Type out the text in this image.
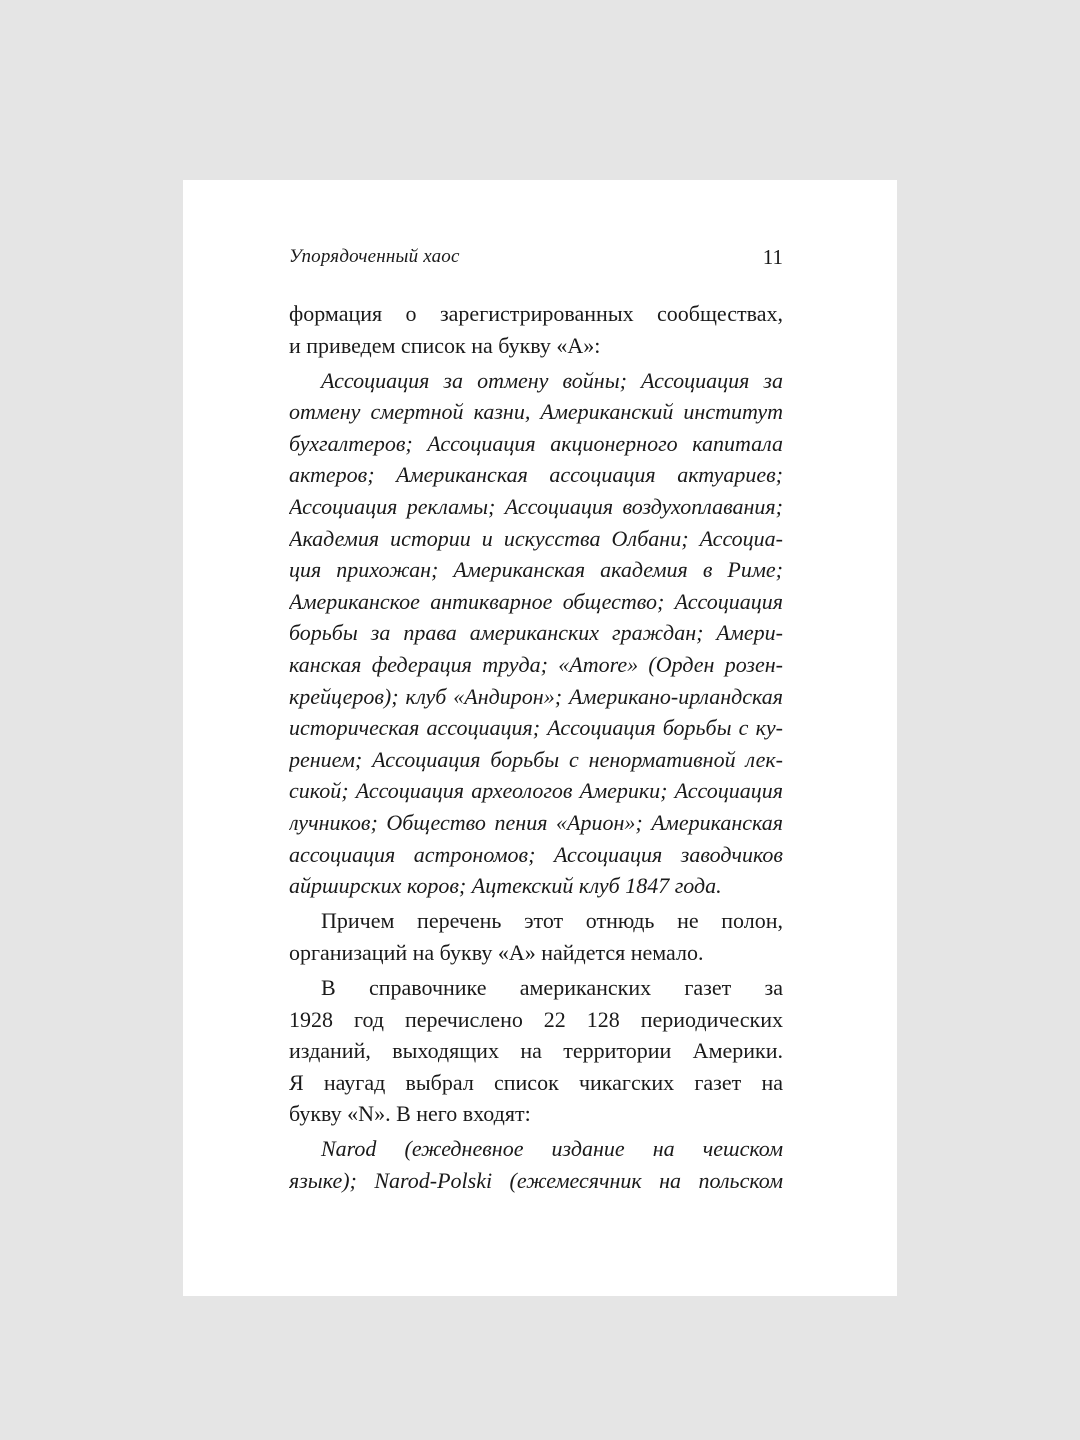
Упорядоченный хаос	11
формация о зарегистрированных сообществах,
и приведем список на букву «А»:
Ассоциация за отмену войны; Ассоциация за
отмену смертной казни, Американский институт
бухгалтеров; Ассоциация акционерного капитала
актеров; Американская ассоциация актуариев;
Ассоциация рекламы; Ассоциация воздухоплавания;
Академия истории и искусства Олбани; Ассоциа-
ция прихожан; Американская академия в Риме;
Американское антикварное общество; Ассоциация
борьбы за права американских граждан; Амери-
канская федерация труда; «Amore» (Орден розен-
крейцеров); клуб «Андирон»; Американо-ирландская
историческая ассоциация; Ассоциация борьбы с ку-
рением; Ассоциация борьбы с ненормативной лек-
сикой; Ассоциация археологов Америки; Ассоциация
лучников; Общество пения «Арион»; Американская
ассоциация астрономов; Ассоциация заводчиков
айрширских коров; Ацтекский клуб 1847 года.
Причем перечень этот отнюдь не полон,
организаций на букву «А» найдется немало.
В справочнике американских газет за
1928 год перечислено 22 128 периодических
изданий, выходящих на территории Америки.
Я наугад выбрал список чикагских газет на
букву «N». В него входят:
Narod (ежедневное издание на чешском
языке); Narod-Polski (ежемесячник на польском
